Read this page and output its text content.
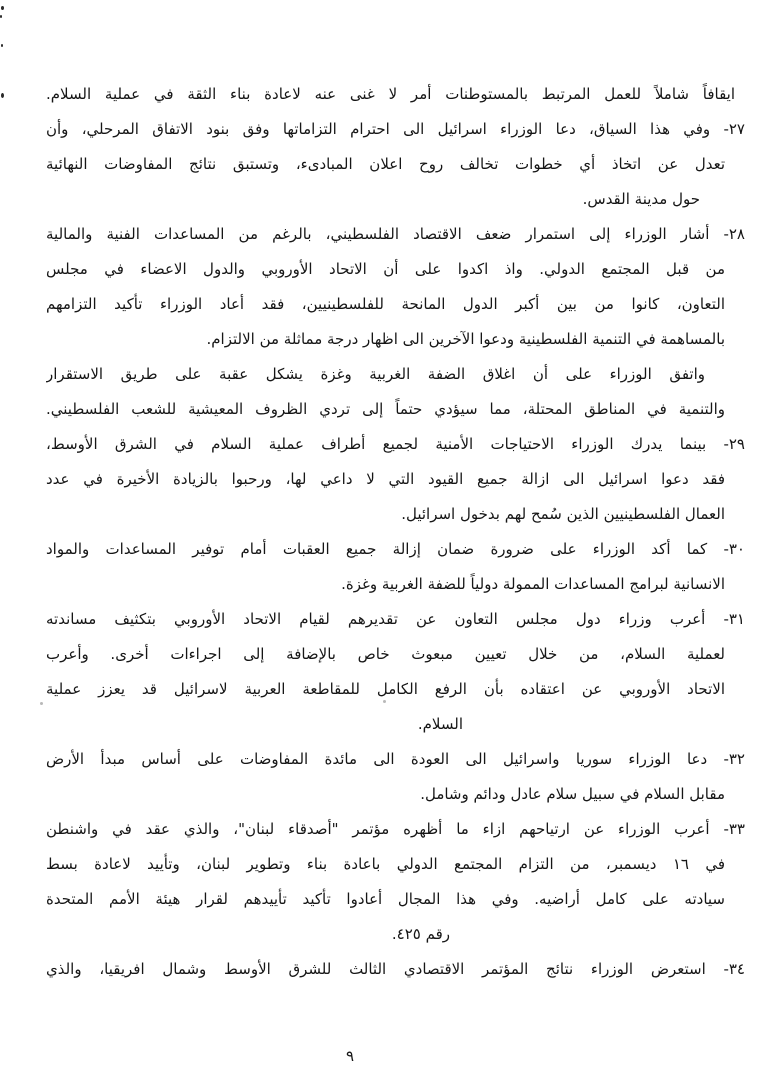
ايقافاً شاملاً للعمل المرتبط بالمستوطنات أمر لا غنى عنه لاعادة بناء الثقة في عملية السلام.
٢٧- وفي هذا السياق، دعا الوزراء اسرائيل الى احترام التزاماتها وفق بنود الاتفاق المرحلي، وأن
تعدل عن اتخاذ أي خطوات تخالف روح اعلان المبادىء، وتستبق نتائج المفاوضات النهائية
حول مدينة القدس.
٢٨- أشار الوزراء إلى استمرار ضعف الاقتصاد الفلسطيني، بالرغم من المساعدات الفنية والمالية
من قبل المجتمع الدولي. واذ اكدوا على أن الاتحاد الأوروبي والدول الاعضاء في مجلس
التعاون، كانوا من بين أكبر الدول المانحة للفلسطينيين، فقد أعاد الوزراء تأكيد التزامهم
بالمساهمة في التنمية الفلسطينية ودعوا الآخرين الى اظهار درجة مماثلة من الالتزام.
واتفق الوزراء على أن اغلاق الضفة الغربية وغزة يشكل عقبة على طريق الاستقرار
والتنمية في المناطق المحتلة، مما سيؤدي حتماً إلى تردي الظروف المعيشية للشعب الفلسطيني.
٢٩- بينما يدرك الوزراء الاحتياجات الأمنية لجميع أطراف عملية السلام في الشرق الأوسط،
فقد دعوا اسرائيل الى ازالة جميع القيود التي لا داعي لها، ورحبوا بالزيادة الأخيرة في عدد
العمال الفلسطينيين الذين سُمح لهم بدخول اسرائيل.
٣٠- كما أكد الوزراء على ضرورة ضمان إزالة جميع العقبات أمام توفير المساعدات والمواد
الانسانية لبرامج المساعدات الممولة دولياً للضفة الغربية وغزة.
٣١- أعرب وزراء دول مجلس التعاون عن تقديرهم لقيام الاتحاد الأوروبي بتكثيف مساندته
لعملية السلام، من خلال تعيين مبعوث خاص بالإضافة إلى اجراءات أخرى. وأعرب
الاتحاد الأوروبي عن اعتقاده بأن الرفع الكامل للمقاطعة العربية لاسرائيل قد يعزز عملية
السلام.
٣٢- دعا الوزراء سوريا واسرائيل الى العودة الى مائدة المفاوضات على أساس مبدأ الأرض
مقابل السلام في سبيل سلام عادل ودائم وشامل.
٣٣- أعرب الوزراء عن ارتياحهم ازاء ما أظهره مؤتمر "أصدقاء لبنان"، والذي عقد في واشنطن
في ١٦ ديسمبر، من التزام المجتمع الدولي باعادة بناء وتطوير لبنان، وتأييد لاعادة بسط
سيادته على كامل أراضيه. وفي هذا المجال أعادوا تأكيد تأييدهم لقرار هيئة الأمم المتحدة
رقم ٤٢٥.
٣٤- استعرض الوزراء نتائج المؤتمر الاقتصادي الثالث للشرق الأوسط وشمال افريقيا، والذي
٩
